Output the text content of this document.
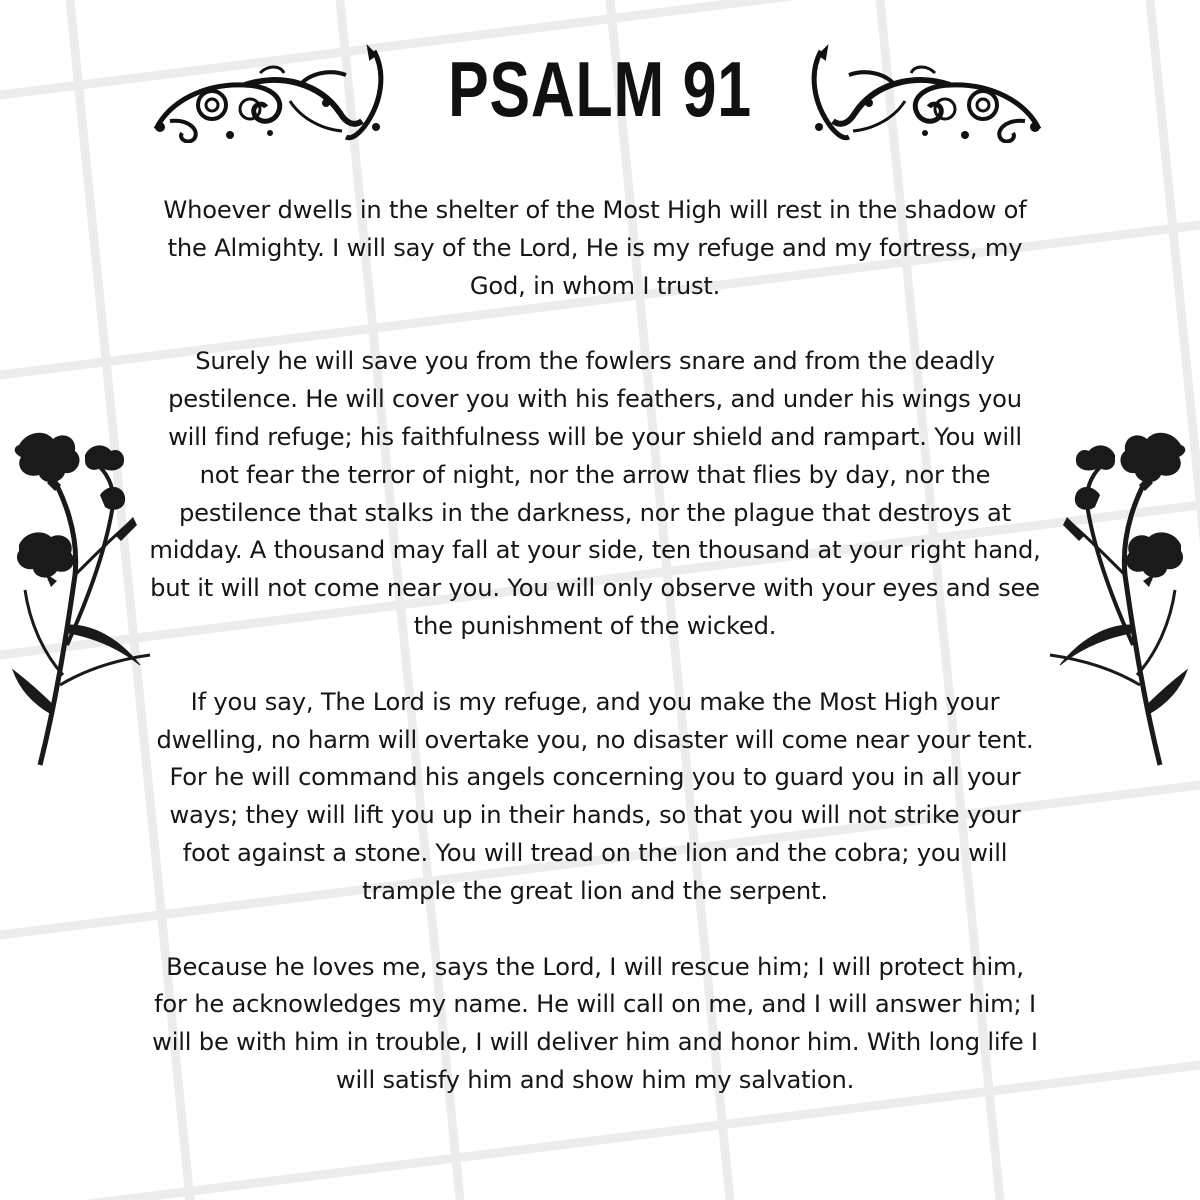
PSALM 91

Whoever dwells in the shelter of the Most High will rest in the shadow of the Almighty. I will say of the Lord, He is my refuge and my fortress, my God, in whom I trust.

Surely he will save you from the fowlers snare and from the deadly pestilence. He will cover you with his feathers, and under his wings you will find refuge; his faithfulness will be your shield and rampart. You will not fear the terror of night, nor the arrow that flies by day, nor the pestilence that stalks in the darkness, nor the plague that destroys at midday. A thousand may fall at your side, ten thousand at your right hand, but it will not come near you. You will only observe with your eyes and see the punishment of the wicked.

If you say, The Lord is my refuge, and you make the Most High your dwelling, no harm will overtake you, no disaster will come near your tent. For he will command his angels concerning you to guard you in all your ways; they will lift you up in their hands, so that you will not strike your foot against a stone. You will tread on the lion and the cobra; you will trample the great lion and the serpent.

Because he loves me, says the Lord, I will rescue him; I will protect him, for he acknowledges my name. He will call on me, and I will answer him; I will be with him in trouble, I will deliver him and honor him. With long life I will satisfy him and show him my salvation.
